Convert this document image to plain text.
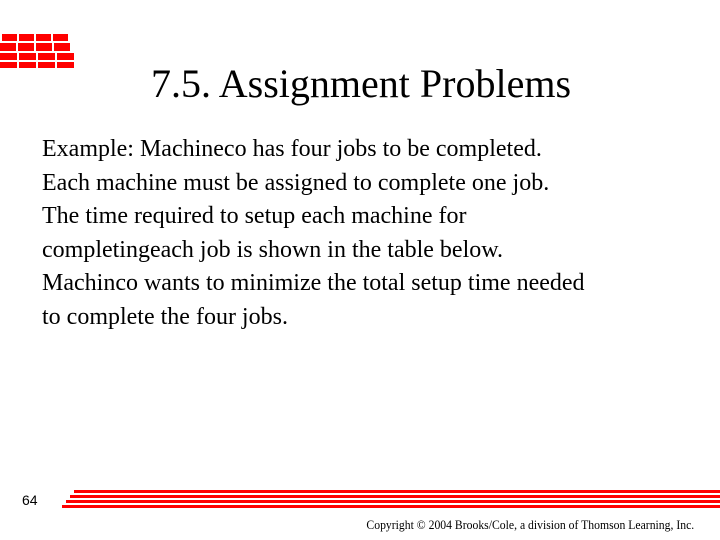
7.5. Assignment Problems

Example: Machineco has four jobs to be completed.

Each machine must be assigned to complete one job.

The time required to setup each machine for

completingeach job is shown in the table below.

Machinco wants to minimize the total setup time needed

to complete the four jobs.

64
Copyright © 2004 Brooks/Cole, a division of Thomson Learning, Inc.
